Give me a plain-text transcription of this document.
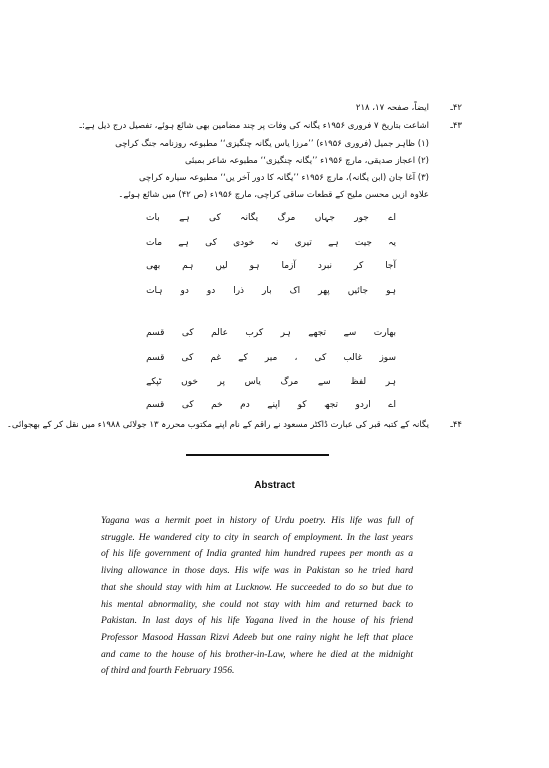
۴۲ـ
ایضاً، صفحہ ۱۷، ۲۱۸
۴۳ـ
اشاعت بتاریخ ۷ فروری ۱۹۵۶ء یگانہ کی وفات پر چند مضامین بھی شائع ہوئے، تفصیل درج ذیل ہے:ـ
(۱) ظاہر جمیل (فروری ۱۹۵۶ء) ’’مرزا یاس یگانہ چنگیزی‘‘ مطبوعہ روزنامہ جنگ کراچی
(۲) اعجاز صدیقی، مارچ ۱۹۵۶ء ’’یگانہ چنگیزی‘‘ مطبوعہ شاعر بمبئی
(۳) آغا جان (ابن یگانہ)، مارچ ۱۹۵۶ء ’’یگانہ کا دور آخر یں‘‘ مطبوعہ سیارہ کراچی
علاوہ ازیں محسن ملیح کے قطعات ساقی کراچی، مارچ ۱۹۵۶ء (ص ۴۲) میں شائع ہوئے۔
اے
جور
جہاں
مرگ
یگانہ
کی
ہے
بات
یہ
جیت
ہے
تیری
نہ
خودی
کی
ہے
مات
آجا
کر
نبرد
آزما
ہو
لیں
ہم
بھی
ہو
جائیں
پھر
اک
بار
ذرا
دو
دو
ہات
بھارت
سے
تجھے
ہر
کرب
عالم
کی
قسم
سوز
غالب
کی
،
میر
کے
غم
کی
قسم
ہر
لفظ
سے
مرگ
یاس
پر
خوں
ٹپکے
اے
اردو
تجھ
کو
اپنے
دم
خم
کی
قسم
۴۴ـ
یگانہ کے کتبہ قبر کی عبارت ڈاکٹر مسعود نے راقم کے نام اپنے مکتوب محررہ ۱۳ جولائی ۱۹۸۸ء میں نقل کر کے بھجوائی۔
Abstract

Yagana was a hermit poet in history of Urdu poetry. His life was full of
struggle. He wandered city to city in search of employment. In the last years
of his life government of India granted him hundred rupees per month as a
living allowance in those days. His wife was in Pakistan so he tried hard
that she should stay with him at Lucknow. He succeeded to do so but due to
his mental abnormality, she could not stay with him and returned back to
Pakistan. In last days of his life Yagana lived in the house of his friend
Professor Masood Hassan Rizvi Adeeb but one rainy night he left that place
and came to the house of his brother-in-Law, where he died at the midnight
of third and fourth February 1956.
